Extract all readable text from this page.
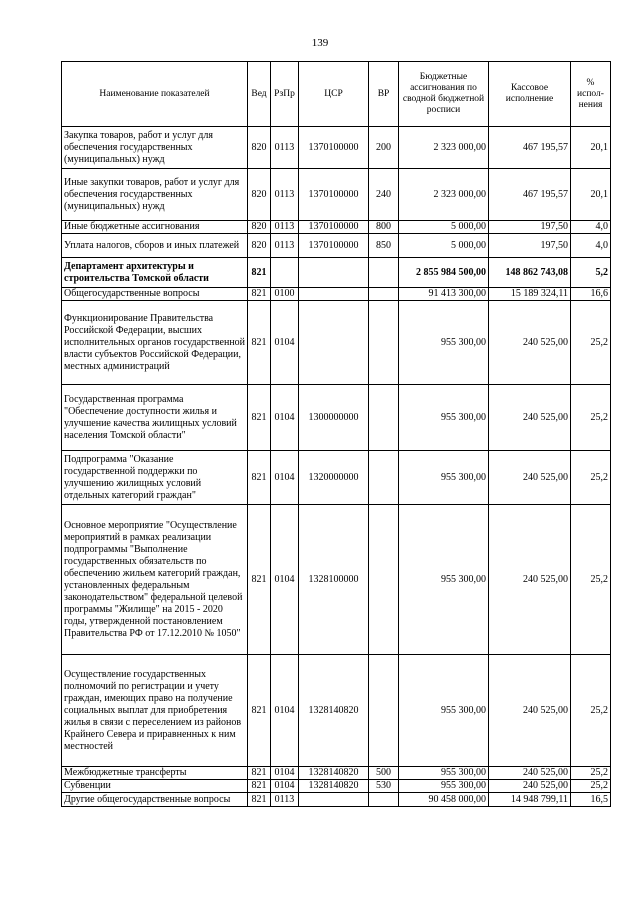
139
Наименование показателей	Вед	РзПр	ЦСР	ВР	Бюджетные ассигнования по сводной бюджетной росписи	Кассовое исполнение	% испол-нения
Закупка товаров, работ и услуг для обеспечения государственных (муниципальных) нужд	820	0113	1370100000	200	2 323 000,00	467 195,57	20,1
Иные закупки товаров, работ и услуг для обеспечения государственных (муниципальных) нужд	820	0113	1370100000	240	2 323 000,00	467 195,57	20,1
Иные бюджетные ассигнования	820	0113	1370100000	800	5 000,00	197,50	4,0
Уплата налогов, сборов и иных платежей	820	0113	1370100000	850	5 000,00	197,50	4,0
Департамент архитектуры и строительства Томской области	821				2 855 984 500,00	148 862 743,08	5,2
Общегосударственные вопросы	821	0100			91 413 300,00	15 189 324,11	16,6
Функционирование Правительства Российской Федерации, высших исполнительных органов государственной власти субъектов Российской Федерации, местных администраций	821	0104			955 300,00	240 525,00	25,2
Государственная программа "Обеспечение доступности жилья и улучшение качества жилищных условий населения Томской области"	821	0104	1300000000		955 300,00	240 525,00	25,2
Подпрограмма "Оказание государственной поддержки по улучшению жилищных условий отдельных категорий граждан"	821	0104	1320000000		955 300,00	240 525,00	25,2
Основное мероприятие "Осуществление мероприятий в рамках реализации подпрограммы "Выполнение государственных обязательств по обеспечению жильем категорий граждан, установленных федеральным законодательством" федеральной целевой программы "Жилище" на 2015 - 2020 годы, утвержденной постановлением Правительства РФ от 17.12.2010 № 1050"	821	0104	1328100000		955 300,00	240 525,00	25,2
Осуществление государственных полномочий по регистрации и учету граждан, имеющих право на получение социальных выплат для приобретения жилья в связи с переселением из районов Крайнего Севера и приравненных к ним местностей	821	0104	1328140820		955 300,00	240 525,00	25,2
Межбюджетные трансферты	821	0104	1328140820	500	955 300,00	240 525,00	25,2
Субвенции	821	0104	1328140820	530	955 300,00	240 525,00	25,2
Другие общегосударственные вопросы	821	0113			90 458 000,00	14 948 799,11	16,5
